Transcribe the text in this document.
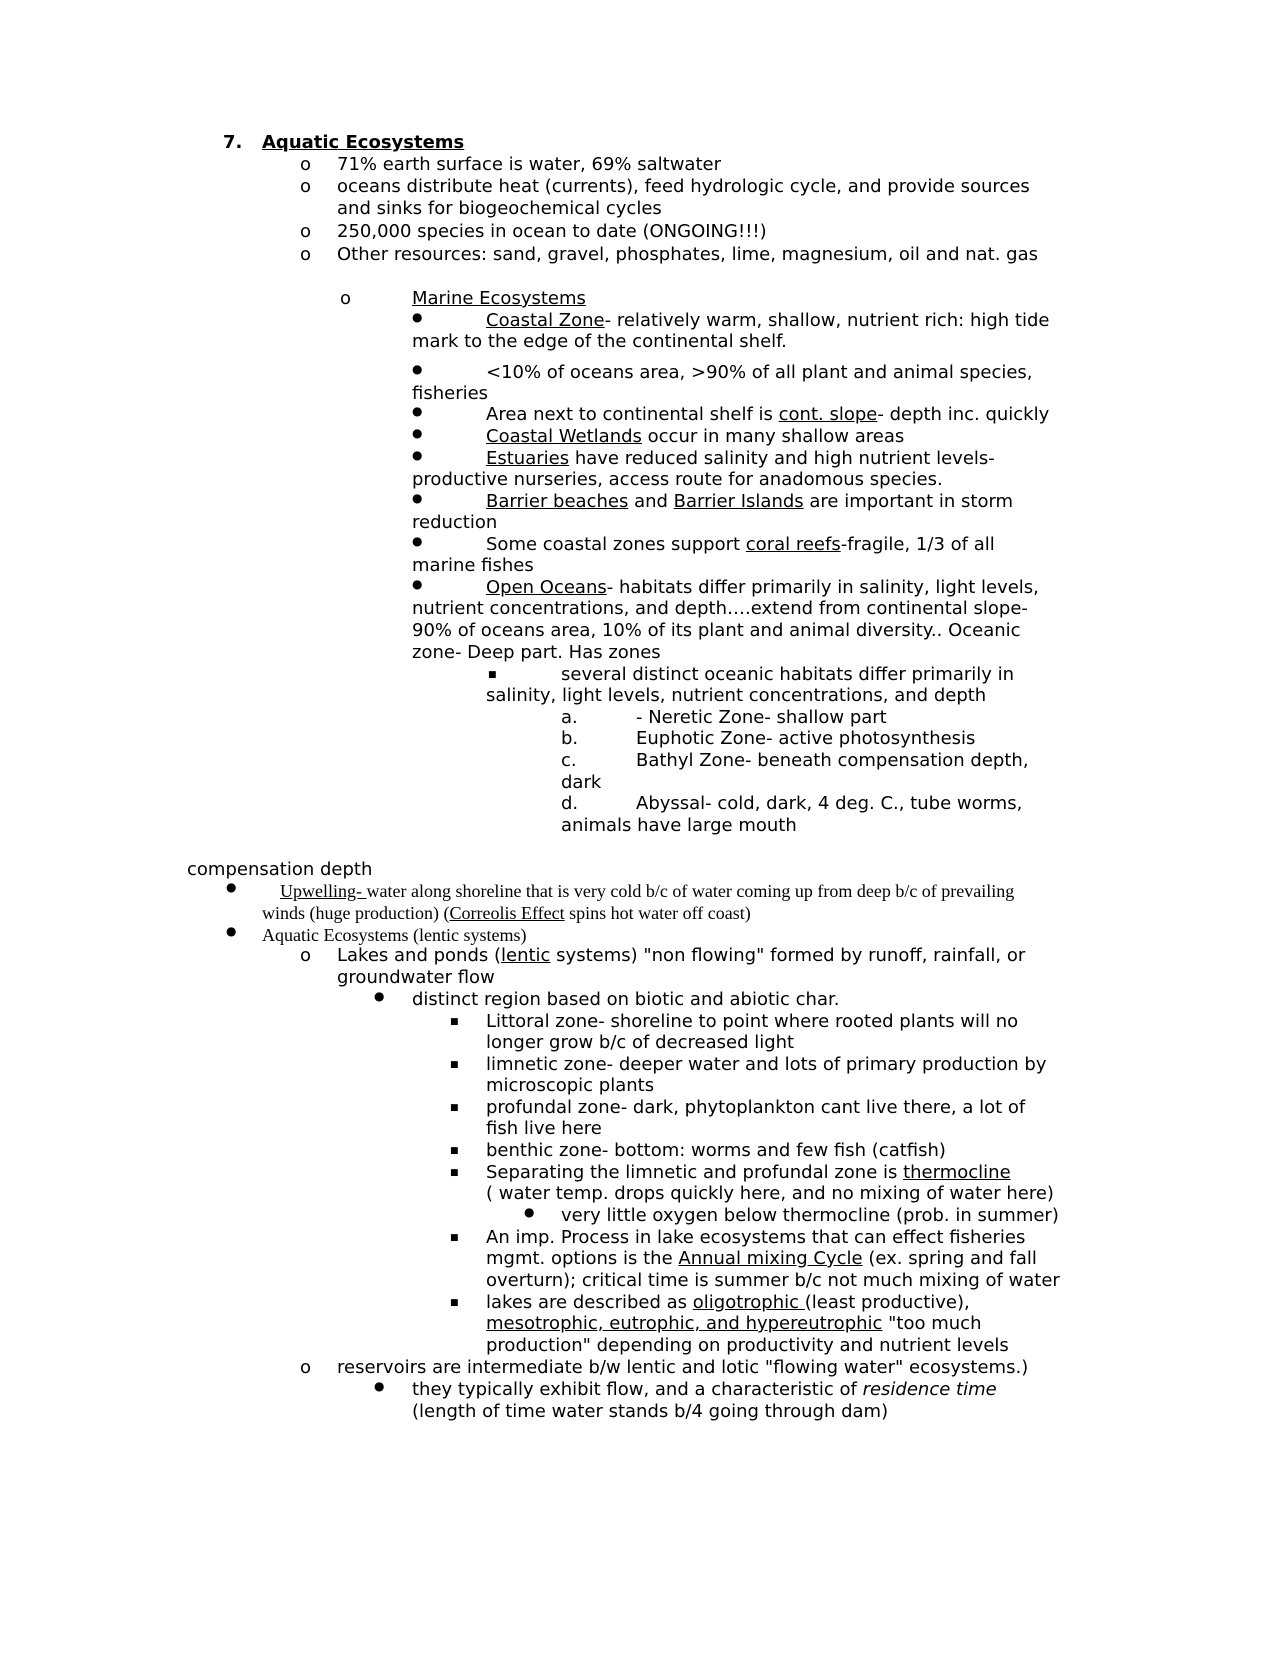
7. Aquatic Ecosystems
o 71% earth surface is water, 69% saltwater
o oceans distribute heat (currents), feed hydrologic cycle, and provide sources
and sinks for biogeochemical cycles
o 250,000 species in ocean to date (ONGOING!!!)
o Other resources: sand, gravel, phosphates, lime, magnesium, oil and nat. gas
o	Marine Ecosystems
●	Coastal Zone- relatively warm, shallow, nutrient rich: high tide
mark to the edge of the continental shelf.
●	<10% of oceans area, >90% of all plant and animal species,
fisheries
●	Area next to continental shelf is cont. slope- depth inc. quickly
●	Coastal Wetlands occur in many shallow areas
●	Estuaries have reduced salinity and high nutrient levels-
productive nurseries, access route for anadomous species.
●	Barrier beaches and Barrier Islands are important in storm
reduction
●	Some coastal zones support coral reefs-fragile, 1/3 of all
marine fishes
●	Open Oceans- habitats differ primarily in salinity, light levels,
nutrient concentrations, and depth….extend from continental slope-
90% of oceans area, 10% of its plant and animal diversity.. Oceanic
zone- Deep part. Has zones
■	several distinct oceanic habitats differ primarily in
salinity, light levels, nutrient concentrations, and depth
a.	- Neretic Zone- shallow part
b.	Euphotic Zone- active photosynthesis
c.	Bathyl Zone- beneath compensation depth,
dark
d.	Abyssal- cold, dark, 4 deg. C., tube worms,
animals have large mouth
compensation depth
● Upwelling- water along shoreline that is very cold b/c of water coming up from deep b/c of prevailing
winds (huge production) (Correolis Effect spins hot water off coast)
● Aquatic Ecosystems (lentic systems)
o Lakes and ponds (lentic systems) "non flowing" formed by runoff, rainfall, or
groundwater flow
● distinct region based on biotic and abiotic char.
■ Littoral zone- shoreline to point where rooted plants will no
longer grow b/c of decreased light
■ limnetic zone- deeper water and lots of primary production by
microscopic plants
■ profundal zone- dark, phytoplankton cant live there, a lot of
fish live here
■ benthic zone- bottom: worms and few fish (catfish)
■ Separating the limnetic and profundal zone is thermocline
( water temp. drops quickly here, and no mixing of water here)
● very little oxygen below thermocline (prob. in summer)
■ An imp. Process in lake ecosystems that can effect fisheries
mgmt. options is the Annual mixing Cycle (ex. spring and fall
overturn); critical time is summer b/c not much mixing of water
■ lakes are described as oligotrophic (least productive),
mesotrophic, eutrophic, and hypereutrophic "too much
production" depending on productivity and nutrient levels
o reservoirs are intermediate b/w lentic and lotic "flowing water" ecosystems.)
● they typically exhibit flow, and a characteristic of residence time
(length of time water stands b/4 going through dam)
